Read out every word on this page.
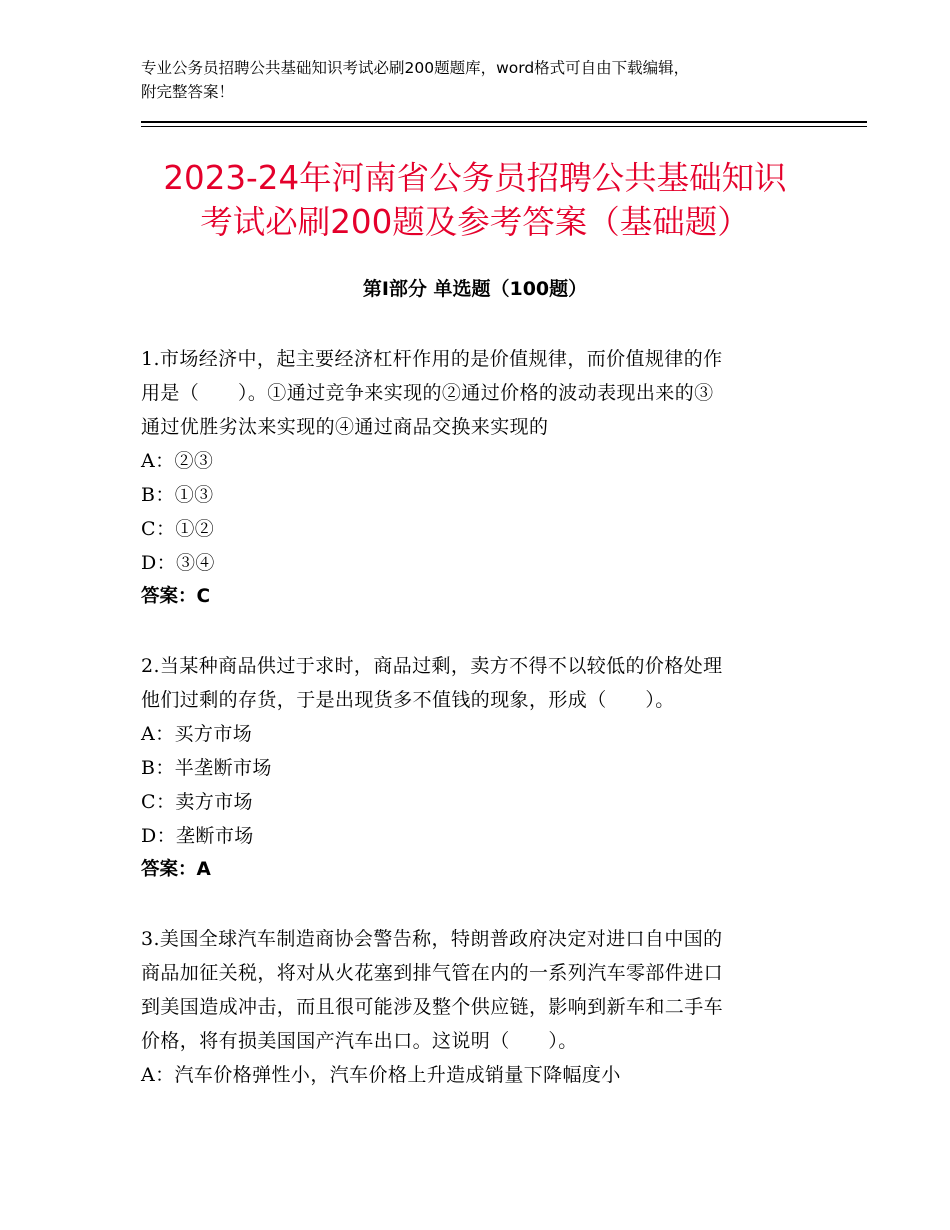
专业公务员招聘公共基础知识考试必刷200题题库，word格式可自由下载编辑，
附完整答案！
2023-24年河南省公务员招聘公共基础知识
考试必刷200题及参考答案（基础题）
第Ⅰ部分 单选题（100题）
1.市场经济中，起主要经济杠杆作用的是价值规律，而价值规律的作
用是（　　）。①通过竞争来实现的②通过价格的波动表现出来的③
通过优胜劣汰来实现的④通过商品交换来实现的
A：②③
B：①③
C：①②
D：③④
答案：C
2.当某种商品供过于求时，商品过剩，卖方不得不以较低的价格处理
他们过剩的存货，于是出现货多不值钱的现象，形成（　　）。
A：买方市场
B：半垄断市场
C：卖方市场
D：垄断市场
答案：A
3.美国全球汽车制造商协会警告称，特朗普政府决定对进口自中国的
商品加征关税，将对从火花塞到排气管在内的一系列汽车零部件进口
到美国造成冲击，而且很可能涉及整个供应链，影响到新车和二手车
价格，将有损美国国产汽车出口。这说明（　　）。
A：汽车价格弹性小，汽车价格上升造成销量下降幅度小
